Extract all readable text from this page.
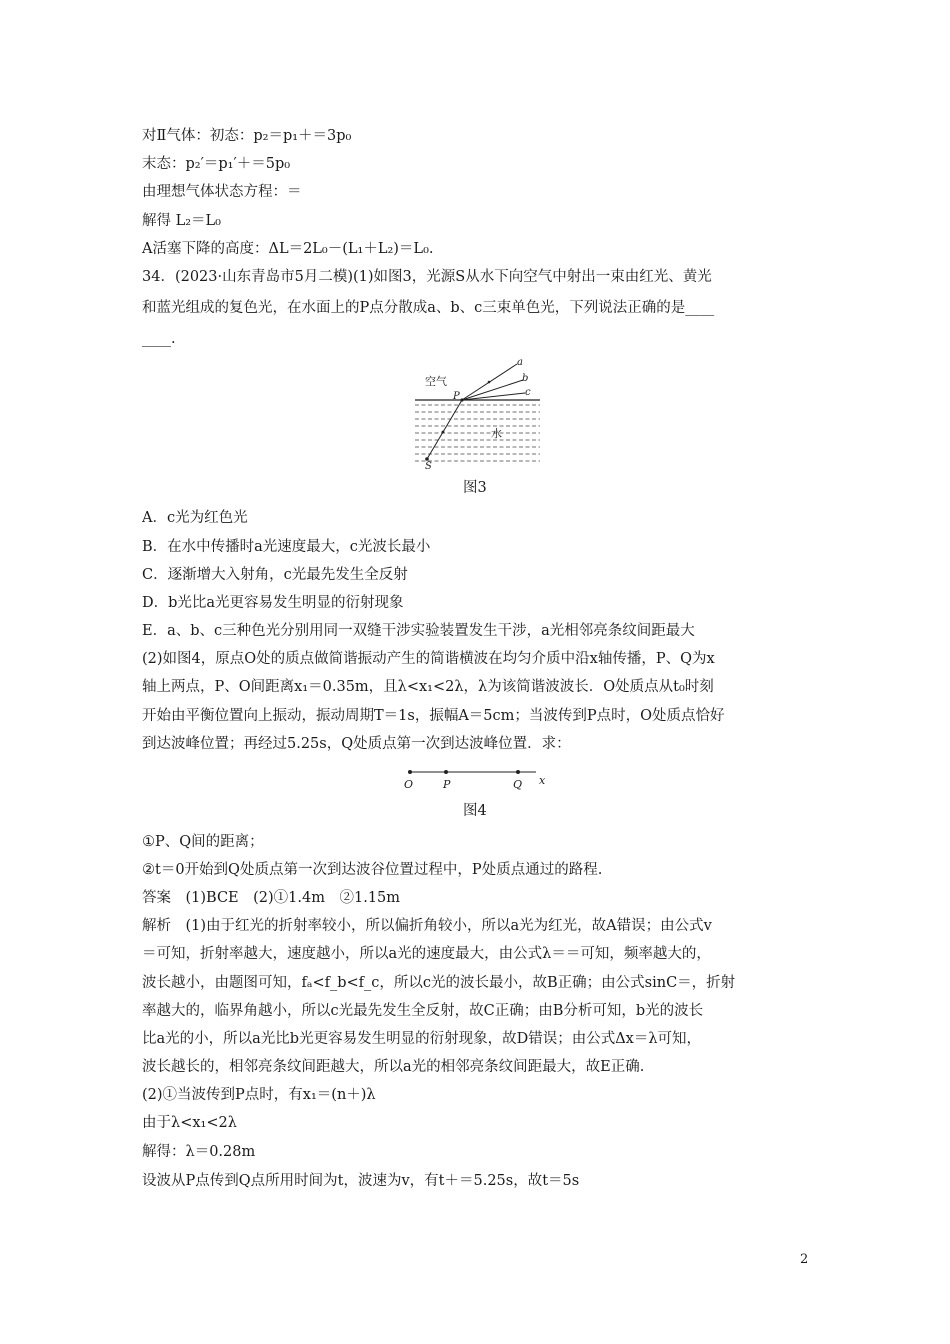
对Ⅱ气体：初态：p₂＝p₁＋＝3p₀
末态：p₂′＝p₁′＋＝5p₀
由理想气体状态方程：＝
解得 L₂＝L₀
A活塞下降的高度：ΔL＝2L₀－(L₁＋L₂)＝L₀.
34．(2023·山东青岛市5月二模)(1)如图3，光源S从水下向空气中射出一束由红光、黄光
和蓝光组成的复色光，在水面上的P点分散成a、b、c三束单色光，下列说法正确的是____
____.
空气
水
P
S
a
b
c
图3
A．c光为红色光
B．在水中传播时a光速度最大，c光波长最小
C．逐渐增大入射角，c光最先发生全反射
D．b光比a光更容易发生明显的衍射现象
E．a、b、c三种色光分别用同一双缝干涉实验装置发生干涉，a光相邻亮条纹间距最大
(2)如图4，原点O处的质点做简谐振动产生的简谐横波在均匀介质中沿x轴传播，P、Q为x
轴上两点，P、O间距离x₁＝0.35m，且λ<x₁<2λ，λ为该简谐波波长．O处质点从t₀时刻
开始由平衡位置向上振动，振动周期T＝1s，振幅A＝5cm；当波传到P点时，O处质点恰好
到达波峰位置；再经过5.25s，Q处质点第一次到达波峰位置．求：
O	P	Q x
图4
①P、Q间的距离；
②t＝0开始到Q处质点第一次到达波谷位置过程中，P处质点通过的路程.
答案　(1)BCE　(2)①1.4m　②1.15m
解析　(1)由于红光的折射率较小，所以偏折角较小，所以a光为红光，故A错误；由公式v
＝可知，折射率越大，速度越小，所以a光的速度最大，由公式λ＝＝可知，频率越大的，
波长越小，由题图可知，fₐ<f_b<f_c，所以c光的波长最小，故B正确；由公式sinC＝，折射
率越大的，临界角越小，所以c光最先发生全反射，故C正确；由B分析可知，b光的波长
比a光的小，所以a光比b光更容易发生明显的衍射现象，故D错误；由公式Δx＝λ可知，
波长越长的，相邻亮条纹间距越大，所以a光的相邻亮条纹间距最大，故E正确.
(2)①当波传到P点时，有x₁＝(n＋)λ
由于λ<x₁<2λ
解得：λ＝0.28m
设波从P点传到Q点所用时间为t，波速为v，有t＋＝5.25s，故t＝5s
2
